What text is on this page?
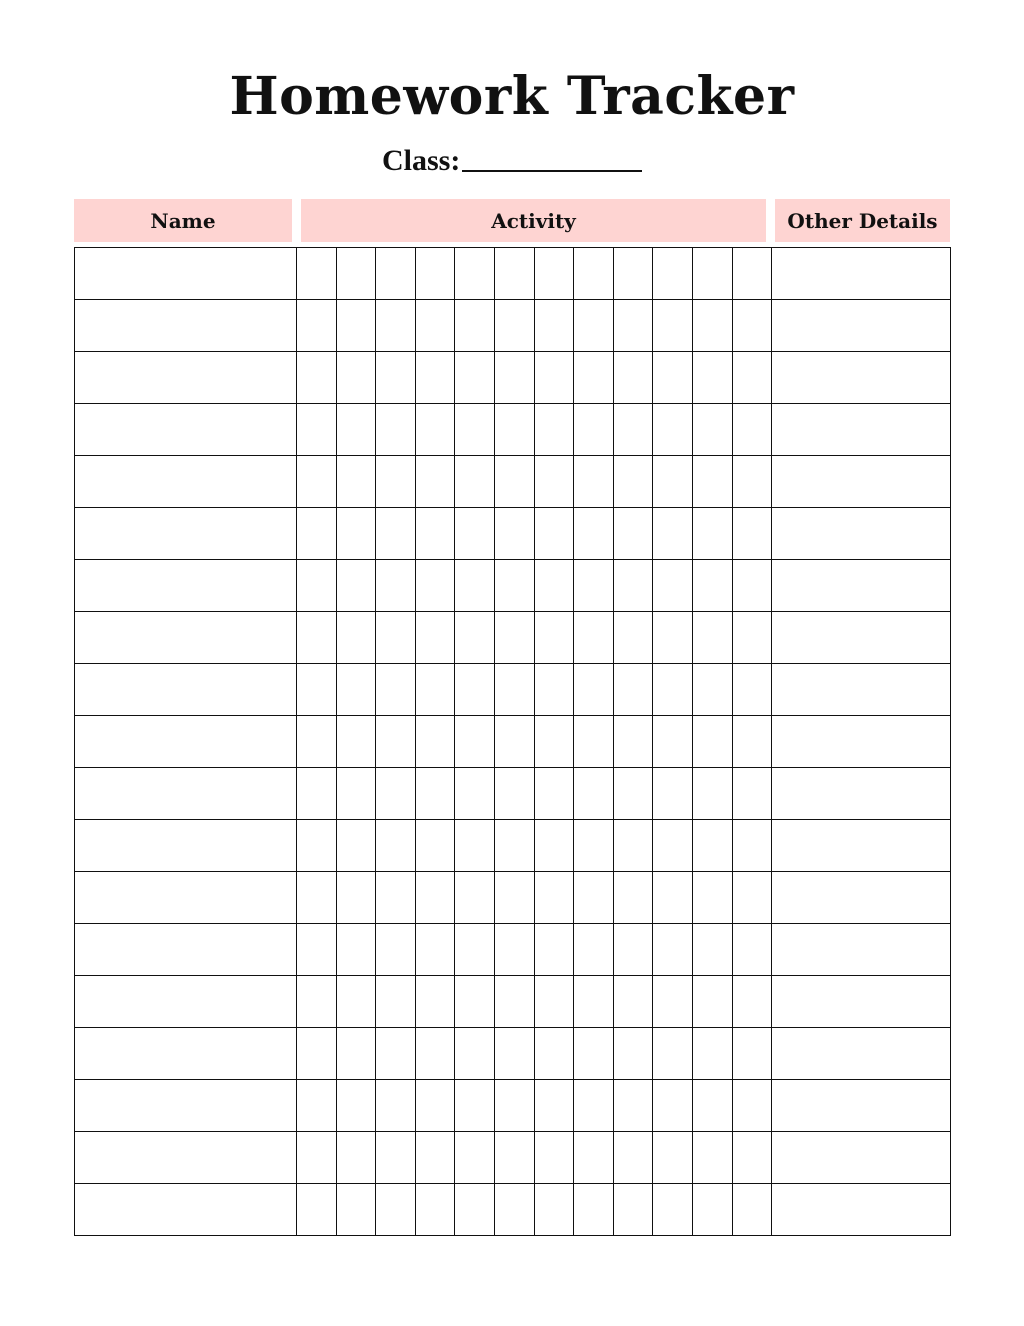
Homework Tracker
Class:
Name	Activity	Other Details
